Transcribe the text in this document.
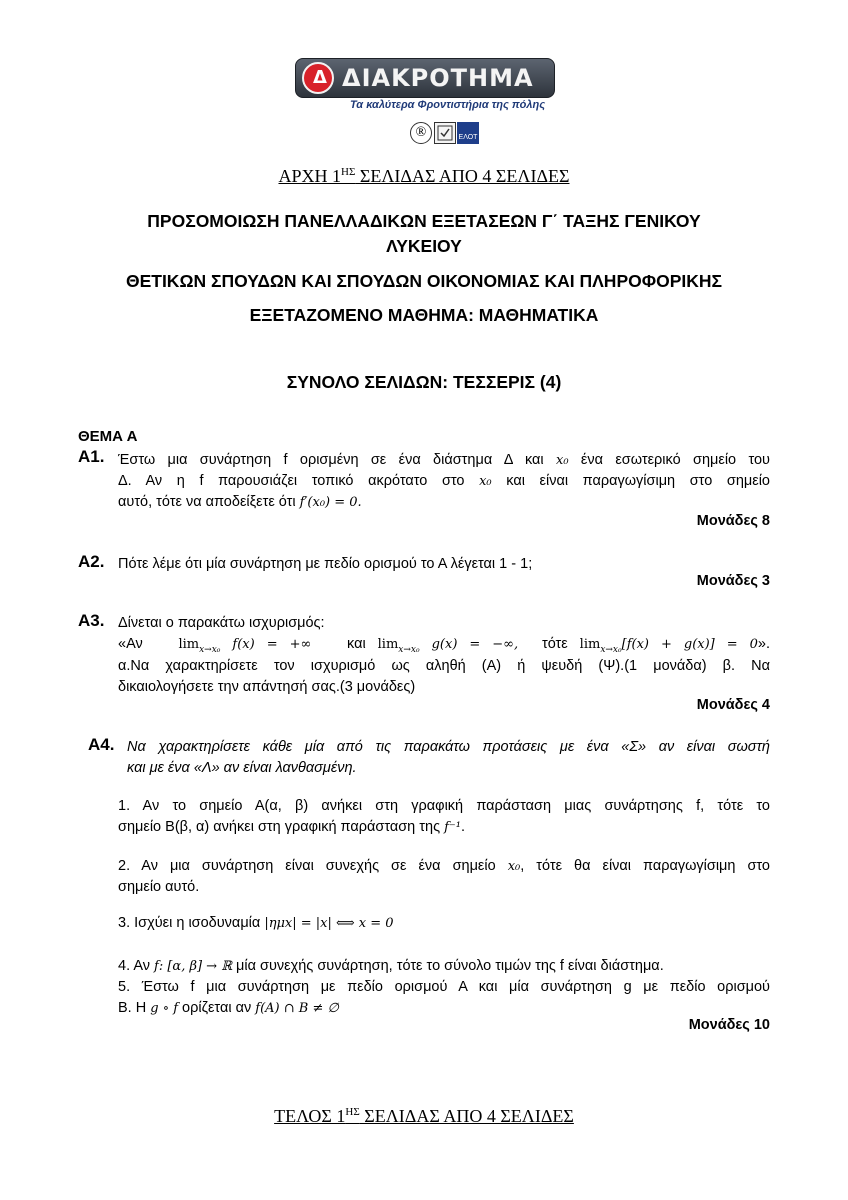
Δ ΔΙΑΚΡΟΤΗΜΑ
Τα καλύτερα Φροντιστήρια της πόλης
®	ΕΛΟΤ
ΑΡΧΗ $1^{H\Sigma}$ ΣΕΛΙΔΑΣ ΑΠΟ 4 ΣΕΛΙΔΕΣ
ΠΡΟΣΟΜΟΙΩΣΗ ΠΑΝΕΛΛΑΔΙΚΩΝ ΕΞΕΤΑΣΕΩΝ Γ΄ ΤΑΞΗΣ ΓΕΝΙΚΟΥ
ΛΥΚΕΙΟΥ
ΘΕΤΙΚΩΝ ΣΠΟΥΔΩΝ ΚΑΙ ΣΠΟΥΔΩΝ ΟΙΚΟΝΟΜΙΑΣ ΚΑΙ ΠΛΗΡΟΦΟΡΙΚΗΣ
ΕΞΕΤΑΖΟΜΕΝΟ ΜΑΘΗΜΑ: ΜΑΘΗΜΑΤΙΚΑ
ΣΥΝΟΛΟ ΣΕΛΙΔΩΝ: ΤΕΣΣΕΡΙΣ (4)
ΘΕΜΑ Α
Α1. Έστω μια συνάρτηση f ορισμένη σε ένα διάστημα Δ και x₀ ένα εσωτερικό σημείο του
Δ. Αν η f παρουσιάζει τοπικό ακρότατο στο x₀ και είναι παραγωγίσιμη στο σημείο
αυτό, τότε να αποδείξετε ότι f′(x₀) = 0.
Μονάδες 8
Α2. Πότε λέμε ότι μία συνάρτηση με πεδίο ορισμού το Α λέγεται 1 - 1;
Μονάδες 3
Α3. Δίνεται ο παρακάτω ισχυρισμός:
«Αν	$\lim_{x\to x_0} f(x)$ = +∞ και $\lim_{x\to x_0} g(x)$ = −∞, τότε $\lim_{x\to x_0}[f(x) + g(x)] = 0$».
α.Να χαρακτηρίσετε τον ισχυρισμό ως αληθή (Α) ή ψευδή (Ψ).(1 μονάδα) β. Να
δικαιολογήσετε την απάντησή σας.(3 μονάδες)
Μονάδες 4
Α4. Να χαρακτηρίσετε κάθε μία από τις παρακάτω προτάσεις με ένα «Σ» αν είναι σωστή
και με ένα «Λ» αν είναι λανθασμένη.
1. Αν το σημείο Α(α, β) ανήκει στη γραφική παράσταση μιας συνάρτησης f, τότε το
σημείο Β(β, α) ανήκει στη γραφική παράσταση της f⁻¹.
2. Αν μια συνάρτηση είναι συνεχής σε ένα σημείο x₀, τότε θα είναι παραγωγίσιμη στο
σημείο αυτό.
3. Ισχύει η ισοδυναμία |ημx| = |x| ⟺ x = 0
4. Αν f: [α, β] → ℝ μία συνεχής συνάρτηση, τότε το σύνολο τιμών της f είναι διάστημα.
5. Έστω f μια συνάρτηση με πεδίο ορισμού Α και μία συνάρτηση g με πεδίο ορισμού
Β. Η g ∘ f ορίζεται αν f(A) ∩ B ≠ ∅
Μονάδες 10
ΤΕΛΟΣ $1^{H\Sigma}$ ΣΕΛΙΔΑΣ ΑΠΟ 4 ΣΕΛΙΔΕΣ
